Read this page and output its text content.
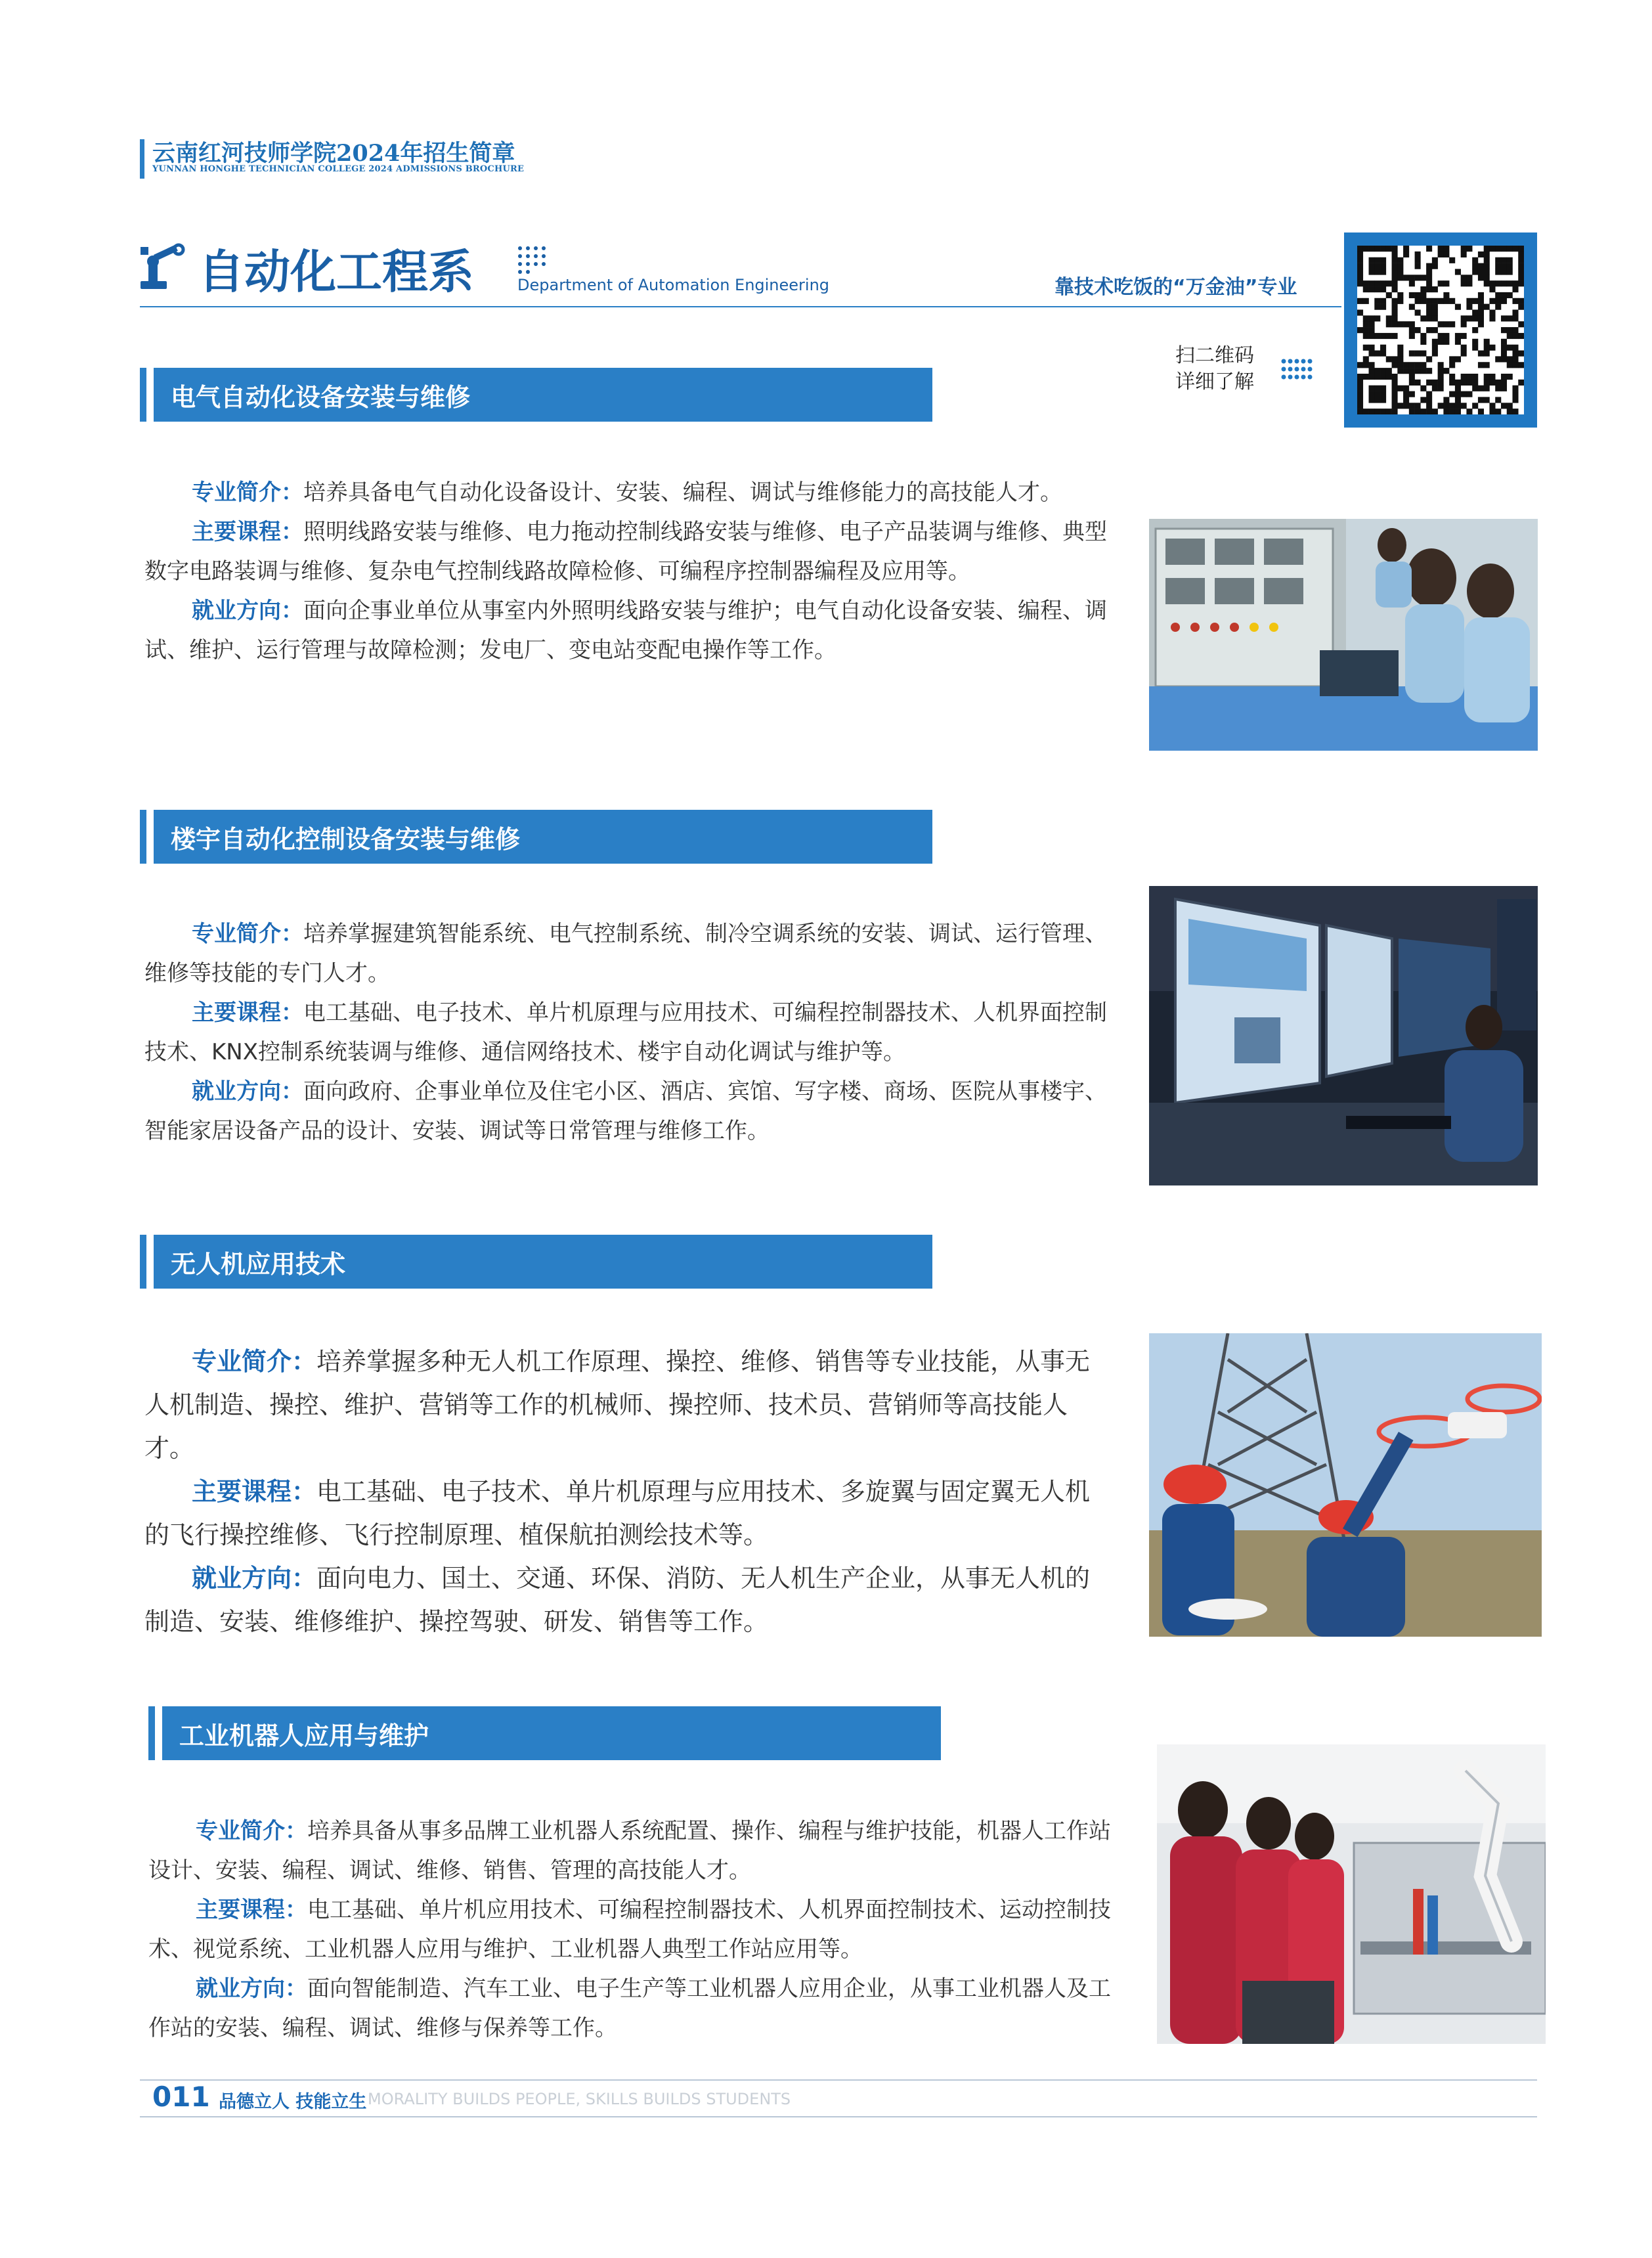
云南红河技师学院2024年招生简章
YUNNAN HONGHE TECHNICIAN COLLEGE 2024 ADMISSIONS BROCHURE
自动化工程系	Department of Automation Engineering	靠技术吃饭的“万金油”专业
扫二维码
详细了解
电气自动化设备安装与维修

专业简介：培养具备电气自动化设备设计、安装、编程、调试与维修能力的高技能人才。

主要课程：照明线路安装与维修、电力拖动控制线路安装与维修、电子产品装调与维修、典型数字电路装调与维修、复杂电气控制线路故障检修、可编程序控制器编程及应用等。

就业方向：面向企事业单位从事室内外照明线路安装与维护；电气自动化设备安装、编程、调试、维护、运行管理与故障检测；发电厂、变电站变配电操作等工作。

楼宇自动化控制设备安装与维修

专业简介：培养掌握建筑智能系统、电气控制系统、制冷空调系统的安装、调试、运行管理、维修等技能的专门人才。

主要课程：电工基础、电子技术、单片机原理与应用技术、可编程控制器技术、人机界面控制技术、KNX控制系统装调与维修、通信网络技术、楼宇自动化调试与维护等。

就业方向：面向政府、企事业单位及住宅小区、酒店、宾馆、写字楼、商场、医院从事楼宇、智能家居设备产品的设计、安装、调试等日常管理与维修工作。

无人机应用技术

专业简介：培养掌握多种无人机工作原理、操控、维修、销售等专业技能，从事无人机制造、操控、维护、营销等工作的机械师、操控师、技术员、营销师等高技能人才。

主要课程：电工基础、电子技术、单片机原理与应用技术、多旋翼与固定翼无人机的飞行操控维修、飞行控制原理、植保航拍测绘技术等。

就业方向：面向电力、国土、交通、环保、消防、无人机生产企业，从事无人机的制造、安装、维修维护、操控驾驶、研发、销售等工作。

工业机器人应用与维护

专业简介：培养具备从事多品牌工业机器人系统配置、操作、编程与维护技能，机器人工作站设计、安装、编程、调试、维修、销售、管理的高技能人才。

主要课程：电工基础、单片机应用技术、可编程控制器技术、人机界面控制技术、运动控制技术、视觉系统、工业机器人应用与维护、工业机器人典型工作站应用等。

就业方向：面向智能制造、汽车工业、电子生产等工业机器人应用企业，从事工业机器人及工作站的安装、编程、调试、维修与保养等工作。

011 品德立人 技能立生 MORALITY BUILDS PEOPLE, SKILLS BUILDS STUDENTS
